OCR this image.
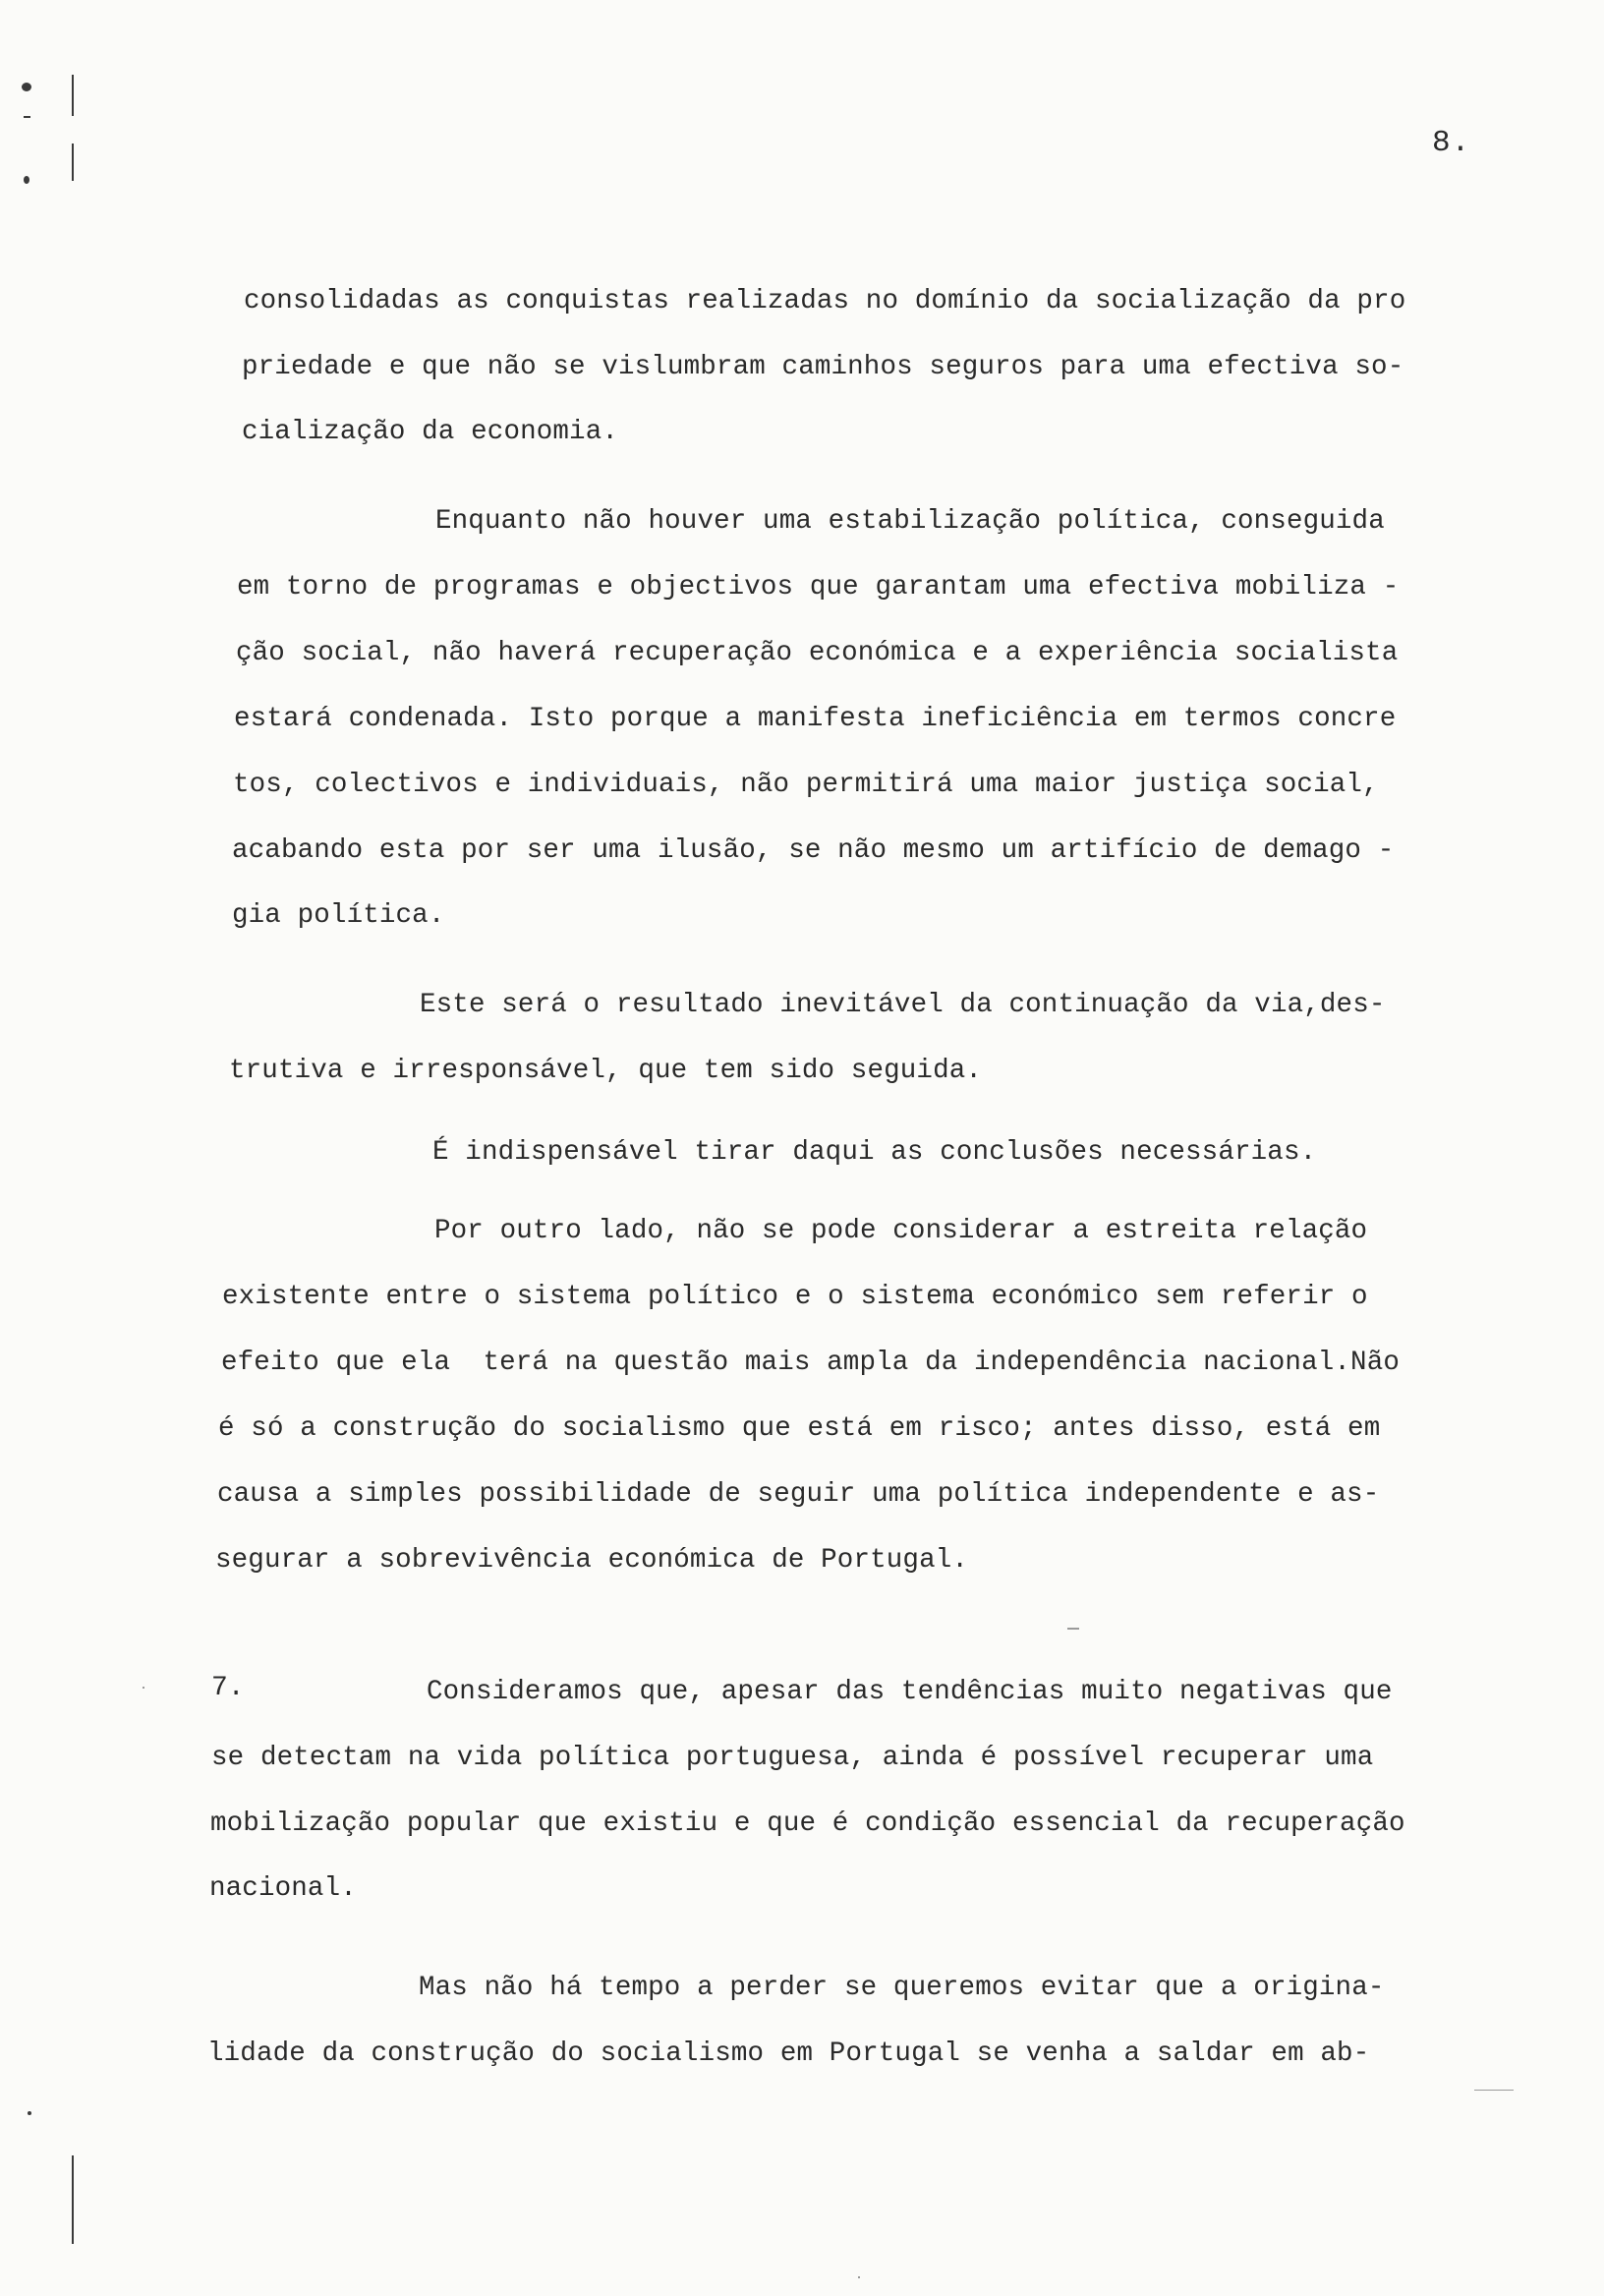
8.
consolidadas as conquistas realizadas no domínio da socialização da pro
priedade e que não se vislumbram caminhos seguros para uma efectiva so-
cialização da economia.
Enquanto não houver uma estabilização política, conseguida
em torno de programas e objectivos que garantam uma efectiva mobiliza -
ção social, não haverá recuperação económica e a experiência socialista
estará condenada. Isto porque a manifesta ineficiência em termos concre
tos, colectivos e individuais, não permitirá uma maior justiça social,
acabando esta por ser uma ilusão, se não mesmo um artifício de demago -
gia política.
Este será o resultado inevitável da continuação da via,des-
trutiva e irresponsável, que tem sido seguida.
É indispensável tirar daqui as conclusões necessárias.
Por outro lado, não se pode considerar a estreita relação
existente entre o sistema político e o sistema económico sem referir o
efeito que ela  terá na questão mais ampla da independência nacional.Não
é só a construção do socialismo que está em risco; antes disso, está em
causa a simples possibilidade de seguir uma política independente e as-
segurar a sobrevivência económica de Portugal.
7.	Consideramos que, apesar das tendências muito negativas que
se detectam na vida política portuguesa, ainda é possível recuperar uma
mobilização popular que existiu e que é condição essencial da recuperação
nacional.
Mas não há tempo a perder se queremos evitar que a origina-
lidade da construção do socialismo em Portugal se venha a saldar em ab-
